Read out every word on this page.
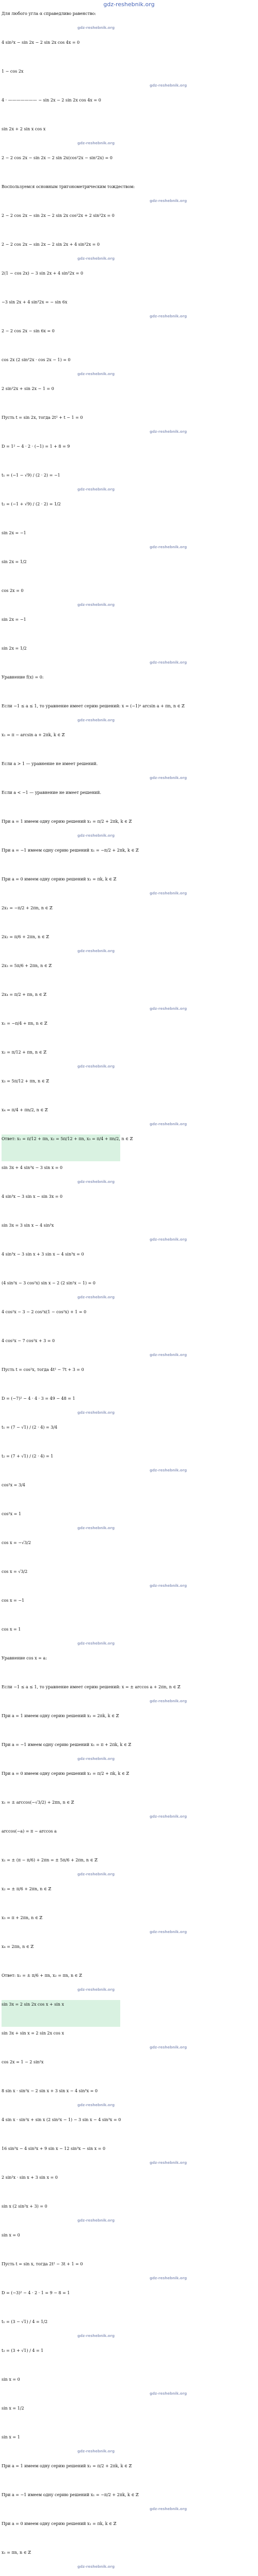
gdz-reshebnik.org
Для любого угла α справедливо равенство:
gdz-reshebnik.org
4 sin²x − sin 2x − 2 sin 2x cos 4x = 0
1 − cos 2x
gdz-reshebnik.org
4 · ——————— − sin 2x − 2 sin 2x cos 4x = 0
sin 2x + 2 sin x cos x
gdz-reshebnik.org
2 − 2 cos 2x − sin 2x − 2 sin 2x(cos²2x − sin²2x) = 0
Воспользуемся основным тригонометрическим тождеством:
gdz-reshebnik.org
2 − 2 cos 2x − sin 2x − 2 sin 2x cos²2x + 2 sin³2x = 0
2 − 2 cos 2x − sin 2x − 2 sin 2x + 4 sin³2x = 0
gdz-reshebnik.org
2(1 − cos 2x) − 3 sin 2x + 4 sin³2x = 0
−3 sin 2x + 4 sin³2x = − sin 6x
gdz-reshebnik.org
2 − 2 cos 2x − sin 6x = 0
cos 2x (2 sin²2x · cos 2x − 1) = 0
gdz-reshebnik.org
2 sin²2x + sin 2x − 1 = 0
Пусть t = sin 2x, тогда 2t² + t − 1 = 0
gdz-reshebnik.org
D = 1² − 4 · 2 · (−1) = 1 + 8 = 9
t₁ = (−1 − √9) / (2 · 2) = −1
gdz-reshebnik.org
t₂ = (−1 + √9) / (2 · 2) = 1/2
sin 2x = −1
gdz-reshebnik.org
sin 2x = 1/2
cos 2x = 0
gdz-reshebnik.org
sin 2x = −1
sin 2x = 1/2
gdz-reshebnik.org
Уравнение f(x) = 0:
Если −1 ≤ a ≤ 1, то уравнение имеет серию решений: x = (−1)ⁿ arcsin a + πn, n ∈ ℤ
gdz-reshebnik.org
x₁ = π − arcsin a + 2πk, k ∈ ℤ
Если a > 1 — уравнение не имеет решений.
gdz-reshebnik.org
Если a < −1 — уравнение не имеет решений.
При a = 1 имеем одну серию решений x₁ = π/2 + 2πk, k ∈ ℤ
gdz-reshebnik.org
При a = −1 имеем одну серию решений x₁ = −π/2 + 2πk, k ∈ ℤ
При a = 0 имеем одну серию решений x₁ = πk, k ∈ ℤ
gdz-reshebnik.org
2x₁ = −π/2 + 2πn, n ∈ ℤ
2x₂ = π/6 + 2πn, n ∈ ℤ
gdz-reshebnik.org
2x₃ = 5π/6 + 2πn, n ∈ ℤ
2x₄ = π/2 + πn, n ∈ ℤ
gdz-reshebnik.org
x₁ = −π/4 + πn, n ∈ ℤ
x₂ = π/12 + πn, n ∈ ℤ
gdz-reshebnik.org
x₃ = 5π/12 + πn, n ∈ ℤ
x₄ = π/4 + πn/2, n ∈ ℤ
gdz-reshebnik.org
Ответ: x₁ = π/12 + πn, x₂ = 5π/12 + πn, x₃ = π/4 + πn/2, n ∈ ℤ
sin 3x + 4 sin³x − 3 sin x = 0
gdz-reshebnik.org
4 sin³x − 3 sin x − sin 3x = 0
sin 3x = 3 sin x − 4 sin³x
gdz-reshebnik.org
4 sin³x − 3 sin x + 3 sin x − 4 sin³x = 0
(4 sin²x − 3 cos²x) sin x − 2 (2 sin²x − 1) = 0
gdz-reshebnik.org
4 cos²x − 3 − 2 cos²x(1 − cos²x) + 1 = 0
4 cos²x − 7 cos²x + 3 = 0
gdz-reshebnik.org
Пусть t = cos²x, тогда 4t² − 7t + 3 = 0
D = (−7)² − 4 · 4 · 3 = 49 − 48 = 1
gdz-reshebnik.org
t₁ = (7 − √1) / (2 · 4) = 3/4
t₂ = (7 + √1) / (2 · 4) = 1
gdz-reshebnik.org
cos²x = 3/4
cos²x = 1
gdz-reshebnik.org
cos x = −√3/2
cos x = √3/2
gdz-reshebnik.org
cos x = −1
cos x = 1
gdz-reshebnik.org
Уравнение cos x = a:
Если −1 ≤ a ≤ 1, то уравнение имеет серию решений: x = ± arccos a + 2πn, n ∈ ℤ
gdz-reshebnik.org
При a = 1 имеем одну серию решений x₁ = 2πk, k ∈ ℤ
При a = −1 имеем одну серию решений x₁ = π + 2πk, k ∈ ℤ
gdz-reshebnik.org
При a = 0 имеем одну серию решений x₁ = π/2 + πk, k ∈ ℤ
x₁ = ± arccos(−√3/2) + 2πn, n ∈ ℤ
gdz-reshebnik.org
arccos(−a) = π − arccos a
x₁ = ± (π − π/6) + 2πn = ± 5π/6 + 2πn, n ∈ ℤ
gdz-reshebnik.org
x₂ = ± π/6 + 2πn, n ∈ ℤ
x₃ = π + 2πn, n ∈ ℤ
gdz-reshebnik.org
x₄ = 2πn, n ∈ ℤ
Ответ: x₁ = ± π/6 + πn, x₂ = πn, n ∈ ℤ
gdz-reshebnik.org
sin 3x = 2 sin 2x cos x + sin x
sin 3x + sin x = 2 sin 2x cos x
gdz-reshebnik.org
cos 2x = 1 − 2 sin²x
8 sin x · sin²x − 2 sin x + 3 sin x − 4 sin³x = 0
gdz-reshebnik.org
4 sin x · sin²x + sin x (2 sin²x − 1) − 3 sin x − 4 sin³x = 0
16 sin³x − 4 sin³x + 9 sin x − 12 sin³x − sin x = 0
gdz-reshebnik.org
2 sin²x · sin x + 3 sin x = 0
sin x (2 sin²x + 3) = 0
gdz-reshebnik.org
sin x = 0
Пусть t = sin x, тогда 2t² − 3t + 1 = 0
gdz-reshebnik.org
D = (−3)² − 4 · 2 · 1 = 9 − 8 = 1
t₁ = (3 − √1) / 4 = 1/2
gdz-reshebnik.org
t₂ = (3 + √1) / 4 = 1
sin x = 0
gdz-reshebnik.org
sin x = 1/2
sin x = 1
gdz-reshebnik.org
При a = 1 имеем одну серию решений x₁ = π/2 + 2πk, k ∈ ℤ
При a = −1 имеем одну серию решений x₁ = −π/2 + 2πk, k ∈ ℤ
gdz-reshebnik.org
При a = 0 имеем одну серию решений x₁ = πk, k ∈ ℤ
x₁ = πn, n ∈ ℤ
gdz-reshebnik.org
